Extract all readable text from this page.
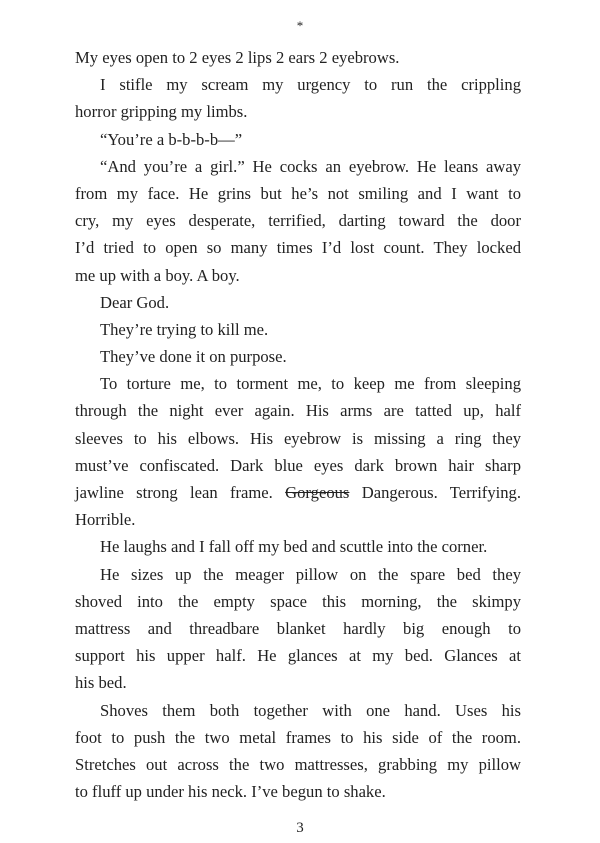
*
My eyes open to 2 eyes 2 lips 2 ears 2 eyebrows.
I stifle my scream my urgency to run the crippling
horror gripping my limbs.
“You’re a b-b-b-b—”
“And you’re a girl.” He cocks an eyebrow. He leans away
from my face. He grins but he’s not smiling and I want to
cry, my eyes desperate, terrified, darting toward the door
I’d tried to open so many times I’d lost count. They locked
me up with a boy. A boy.
Dear God.
They’re trying to kill me.
They’ve done it on purpose.
To torture me, to torment me, to keep me from sleeping
through the night ever again. His arms are tatted up, half
sleeves to his elbows. His eyebrow is missing a ring they
must’ve confiscated. Dark blue eyes dark brown hair sharp
jawline strong lean frame. Gorgeous Dangerous. Terrifying.
Horrible.
He laughs and I fall off my bed and scuttle into the corner.
He sizes up the meager pillow on the spare bed they
shoved into the empty space this morning, the skimpy
mattress and threadbare blanket hardly big enough to
support his upper half. He glances at my bed. Glances at
his bed.
Shoves them both together with one hand. Uses his
foot to push the two metal frames to his side of the room.
Stretches out across the two mattresses, grabbing my pillow
to fluff up under his neck. I’ve begun to shake.
3
